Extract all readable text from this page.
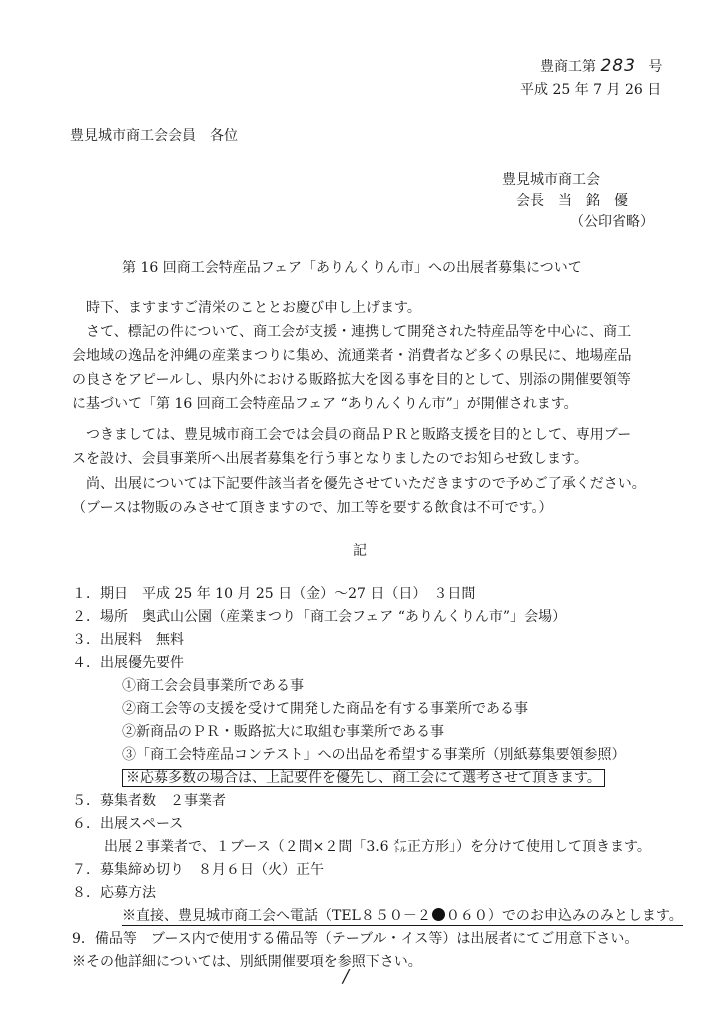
豊商工第 283 号
平成 25 年 7 月 26 日
豊見城市商工会会員　各位
豊見城市商工会
会長　当　銘　優
（公印省略）
第 16 回商工会特産品フェア「ありんくりん市」への出展者募集について
時下、ますますご清栄のこととお慶び申し上げます。
さて、標記の件について、商工会が支援・連携して開発された特産品等を中心に、商工
会地域の逸品を沖縄の産業まつりに集め、流通業者・消費者など多くの県民に、地場産品
の良さをアピールし、県内外における販路拡大を図る事を目的として、別添の開催要領等
に基づいて「第 16 回商工会特産品フェア “ありんくりん市”」が開催されます。
つきましては、豊見城市商工会では会員の商品ＰＲと販路支援を目的として、専用ブー
スを設け、会員事業所へ出展者募集を行う事となりましたのでお知らせ致します。
尚、出展については下記要件該当者を優先させていただきますので予めご了承ください。
（ブースは物販のみさせて頂きますので、加工等を要する飲食は不可です。）
記
１．期日　平成 25 年 10 月 25 日（金）～27 日（日）　３日間
２．場所　奥武山公園（産業まつり「商工会フェア “ありんくりん市”」会場）
３．出展料　無料
４．出展優先要件
①商工会会員事業所である事
②商工会等の支援を受けて開発した商品を有する事業所である事
②新商品のＰＲ・販路拡大に取組む事業所である事
③「商工会特産品コンテスト」への出品を希望する事業所（別紙募集要領参照）
※応募多数の場合は、上記要件を優先し、商工会にて選考させて頂きます。
５．募集者数　２事業者
６．出展スペース
出展２事業者で、１ブース（２間×２間「3.6 ㍍正方形」）を分けて使用して頂きます。
７．募集締め切り　８月６日（火）正午
８．応募方法
※直接、豊見城市商工会へ電話（TEL８５０－２ ０６０）でのお申込みのみとします。
9．備品等　ブース内で使用する備品等（テーブル・イス等）は出展者にてご用意下さい。
※その他詳細については、別紙開催要項を参照下さい。
/
